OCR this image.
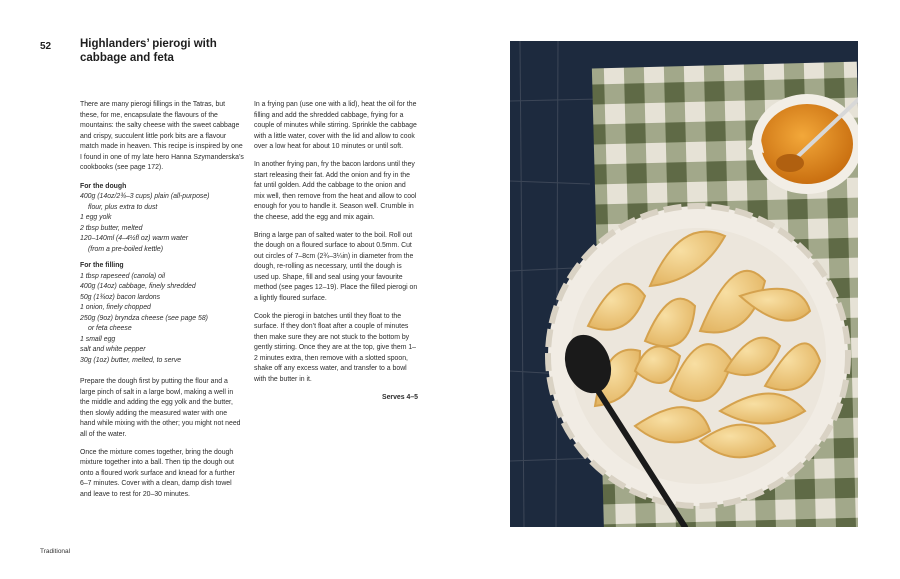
52	Highlanders’ pierogi with
cabbage and feta

There are many pierogi fillings in the Tatras, but these, for me, encapsulate the flavours of the mountains: the salty cheese with the sweet cabbage and crispy, succulent little pork bits are a flavour match made in heaven. This recipe is inspired by one I found in one of my late hero Hanna Szymanderska’s cookbooks (see page 172).

For the dough
400g (14oz/2¾–3 cups) plain (all-purpose)
flour, plus extra to dust
1 egg yolk
2 tbsp butter, melted
120–140ml (4–4½fl oz) warm water
(from a pre-boiled kettle)
For the filling
1 tbsp rapeseed (canola) oil
400g (14oz) cabbage, finely shredded
50g (1¾oz) bacon lardons
1 onion, finely chopped
250g (9oz) bryndza cheese (see page 58)
or feta cheese
1 small egg
salt and white pepper
30g (1oz) butter, melted, to serve

Prepare the dough first by putting the flour and a large pinch of salt in a large bowl, making a well in the middle and adding the egg yolk and the butter, then slowly adding the measured water with one hand while mixing with the other; you might not need all of the water.

Once the mixture comes together, bring the dough mixture together into a ball. Then tip the dough out onto a floured work surface and knead for a further 6–7 minutes. Cover with a clean, damp dish towel and leave to rest for 20–30 minutes.

In a frying pan (use one with a lid), heat the oil for the filling and add the shredded cabbage, frying for a couple of minutes while stirring. Sprinkle the cabbage with a little water, cover with the lid and allow to cook over a low heat for about 10 minutes or until soft.

In another frying pan, fry the bacon lardons until they start releasing their fat. Add the onion and fry in the fat until golden. Add the cabbage to the onion and mix well, then remove from the heat and allow to cool enough for you to handle it. Season well. Crumble in the cheese, add the egg and mix again.

Bring a large pan of salted water to the boil. Roll out the dough on a floured surface to about 0.5mm. Cut out circles of 7–8cm (2¾–3¼in) in diameter from the dough, re-rolling as necessary, until the dough is used up. Shape, fill and seal using your favourite method (see pages 12–19). Place the filled pierogi on a lightly floured surface.

Cook the pierogi in batches until they float to the surface. If they don’t float after a couple of minutes then make sure they are not stuck to the bottom by gently stirring. Once they are at the top, give them 1–2 minutes extra, then remove with a slotted spoon, shake off any excess water, and transfer to a bowl with the butter in it.

Serves 4–5
Traditional
